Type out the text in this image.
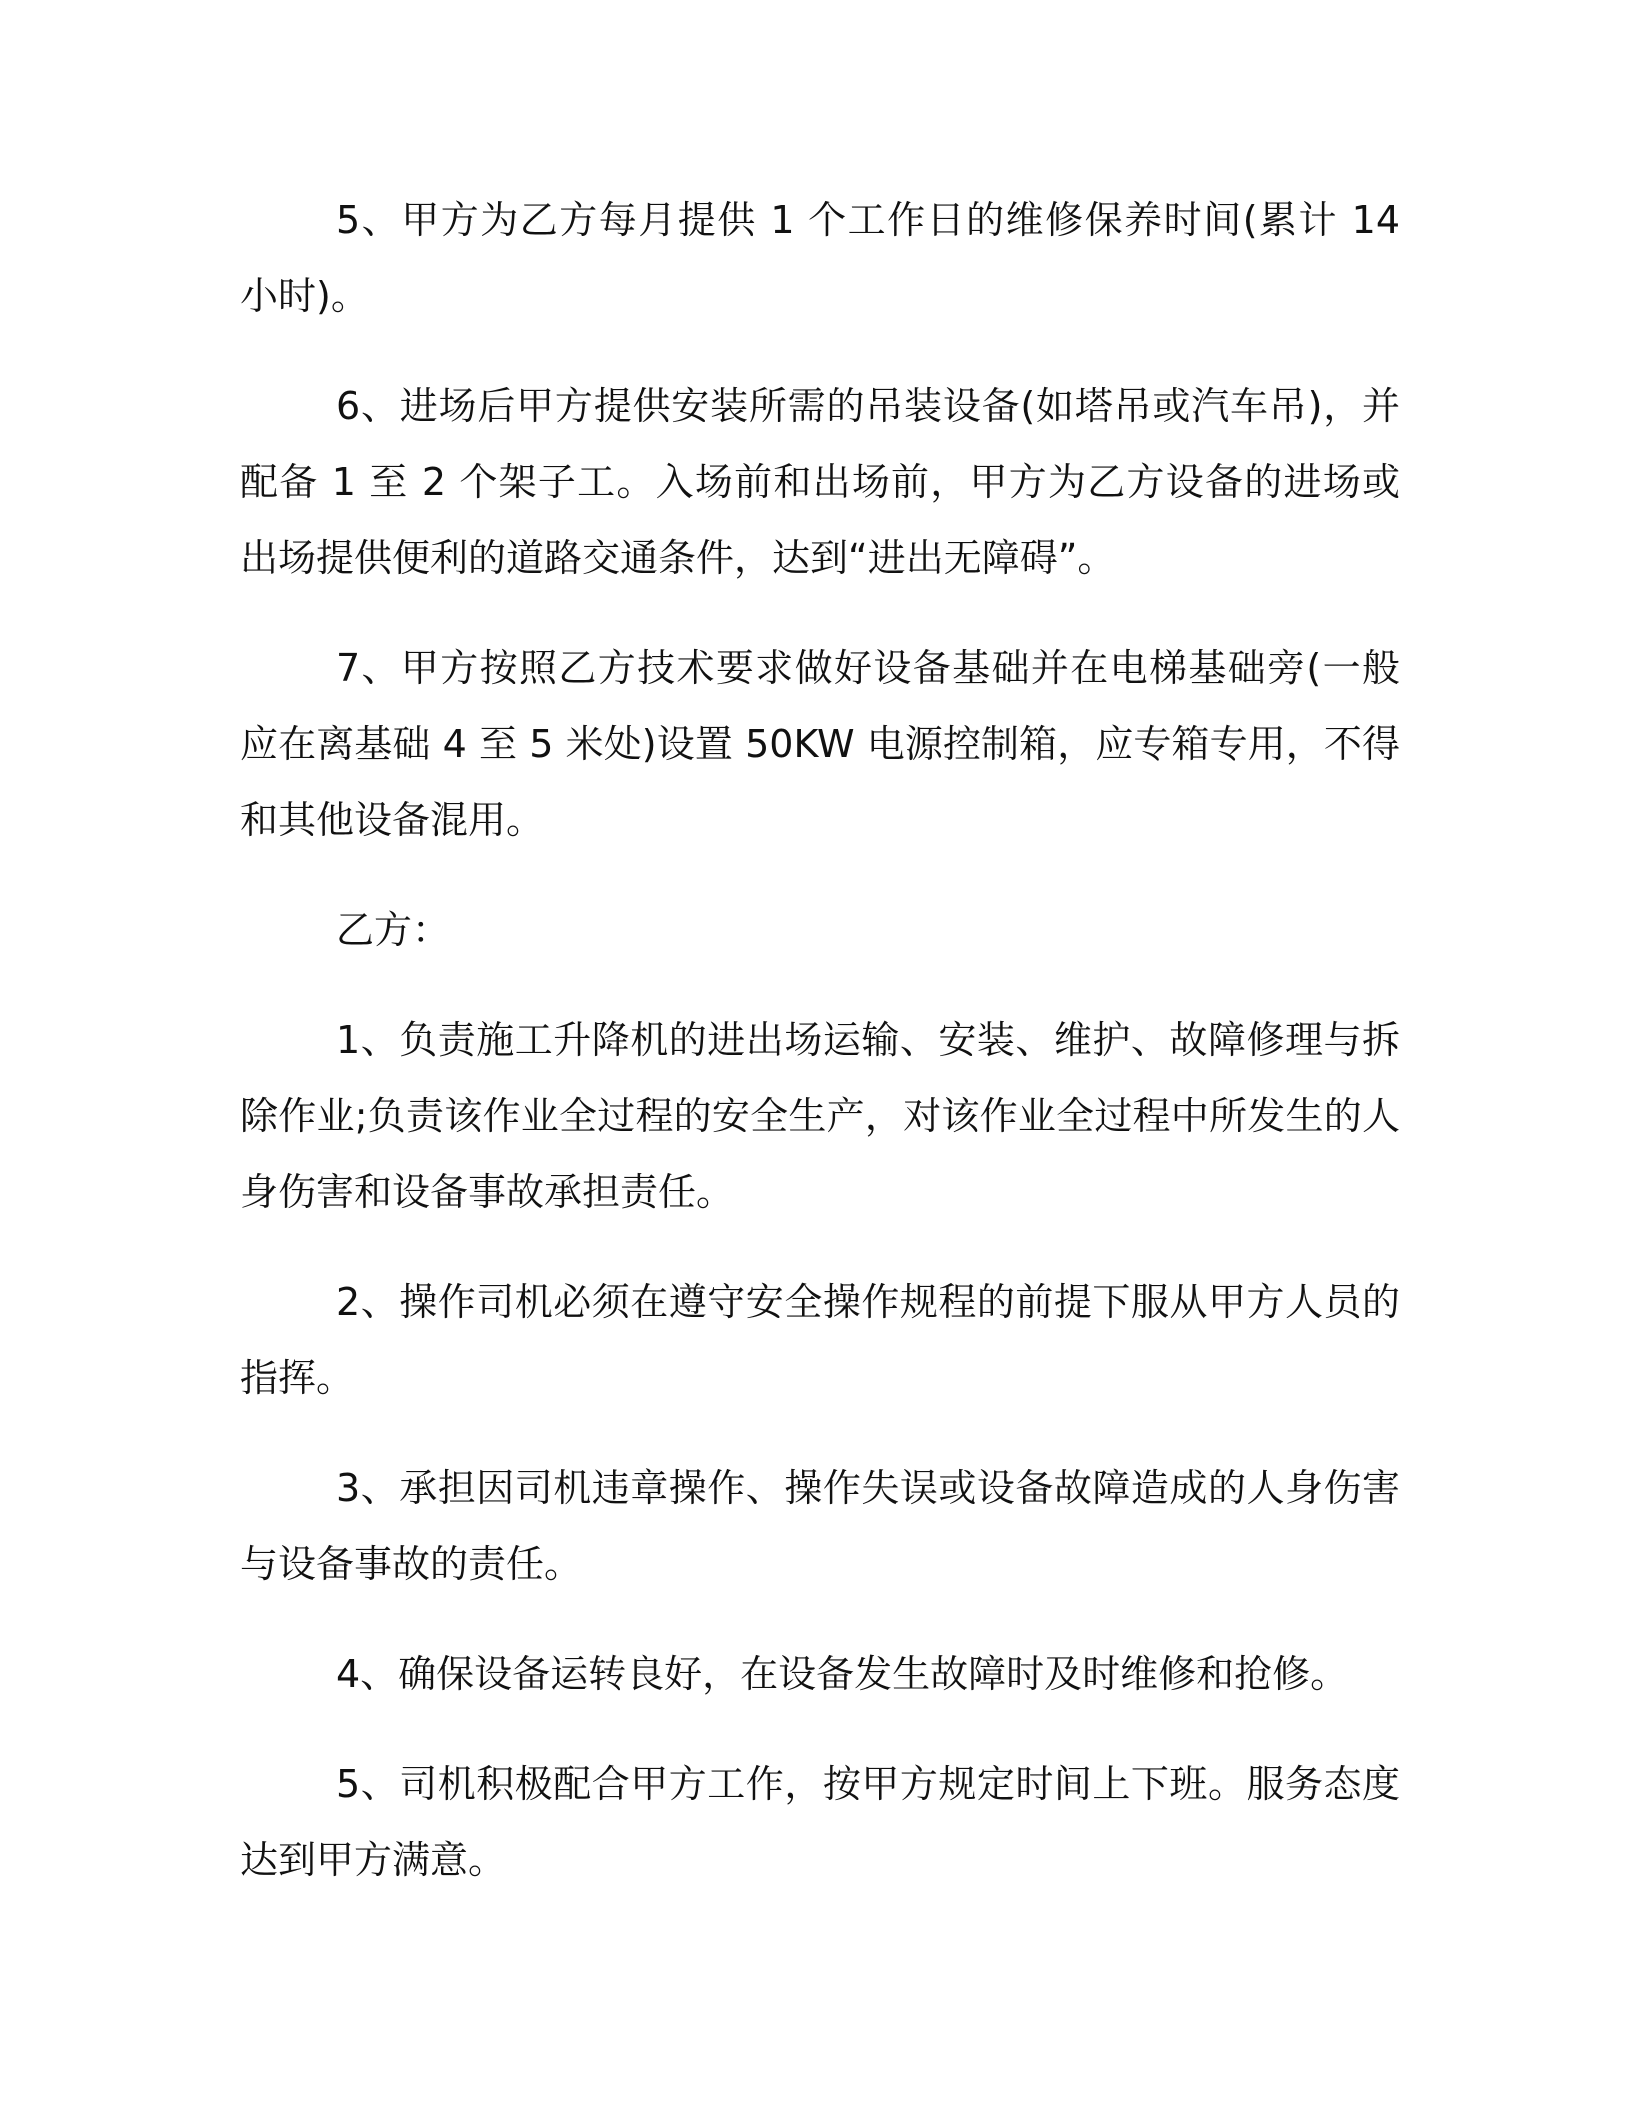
5、甲方为乙方每月提供 1 个工作日的维修保养时间(累计 14 小时)。

6、进场后甲方提供安装所需的吊装设备(如塔吊或汽车吊)，并配备 1 至 2 个架子工。入场前和出场前，甲方为乙方设备的进场或出场提供便利的道路交通条件，达到“进出无障碍”。

7、甲方按照乙方技术要求做好设备基础并在电梯基础旁(一般应在离基础 4 至 5 米处)设置 50KW 电源控制箱，应专箱专用，不得和其他设备混用。

乙方：

1、负责施工升降机的进出场运输、安装、维护、故障修理与拆除作业;负责该作业全过程的安全生产，对该作业全过程中所发生的人身伤害和设备事故承担责任。

2、操作司机必须在遵守安全操作规程的前提下服从甲方人员的指挥。

3、承担因司机违章操作、操作失误或设备故障造成的人身伤害与设备事故的责任。

4、确保设备运转良好，在设备发生故障时及时维修和抢修。

5、司机积极配合甲方工作，按甲方规定时间上下班。服务态度达到甲方满意。
